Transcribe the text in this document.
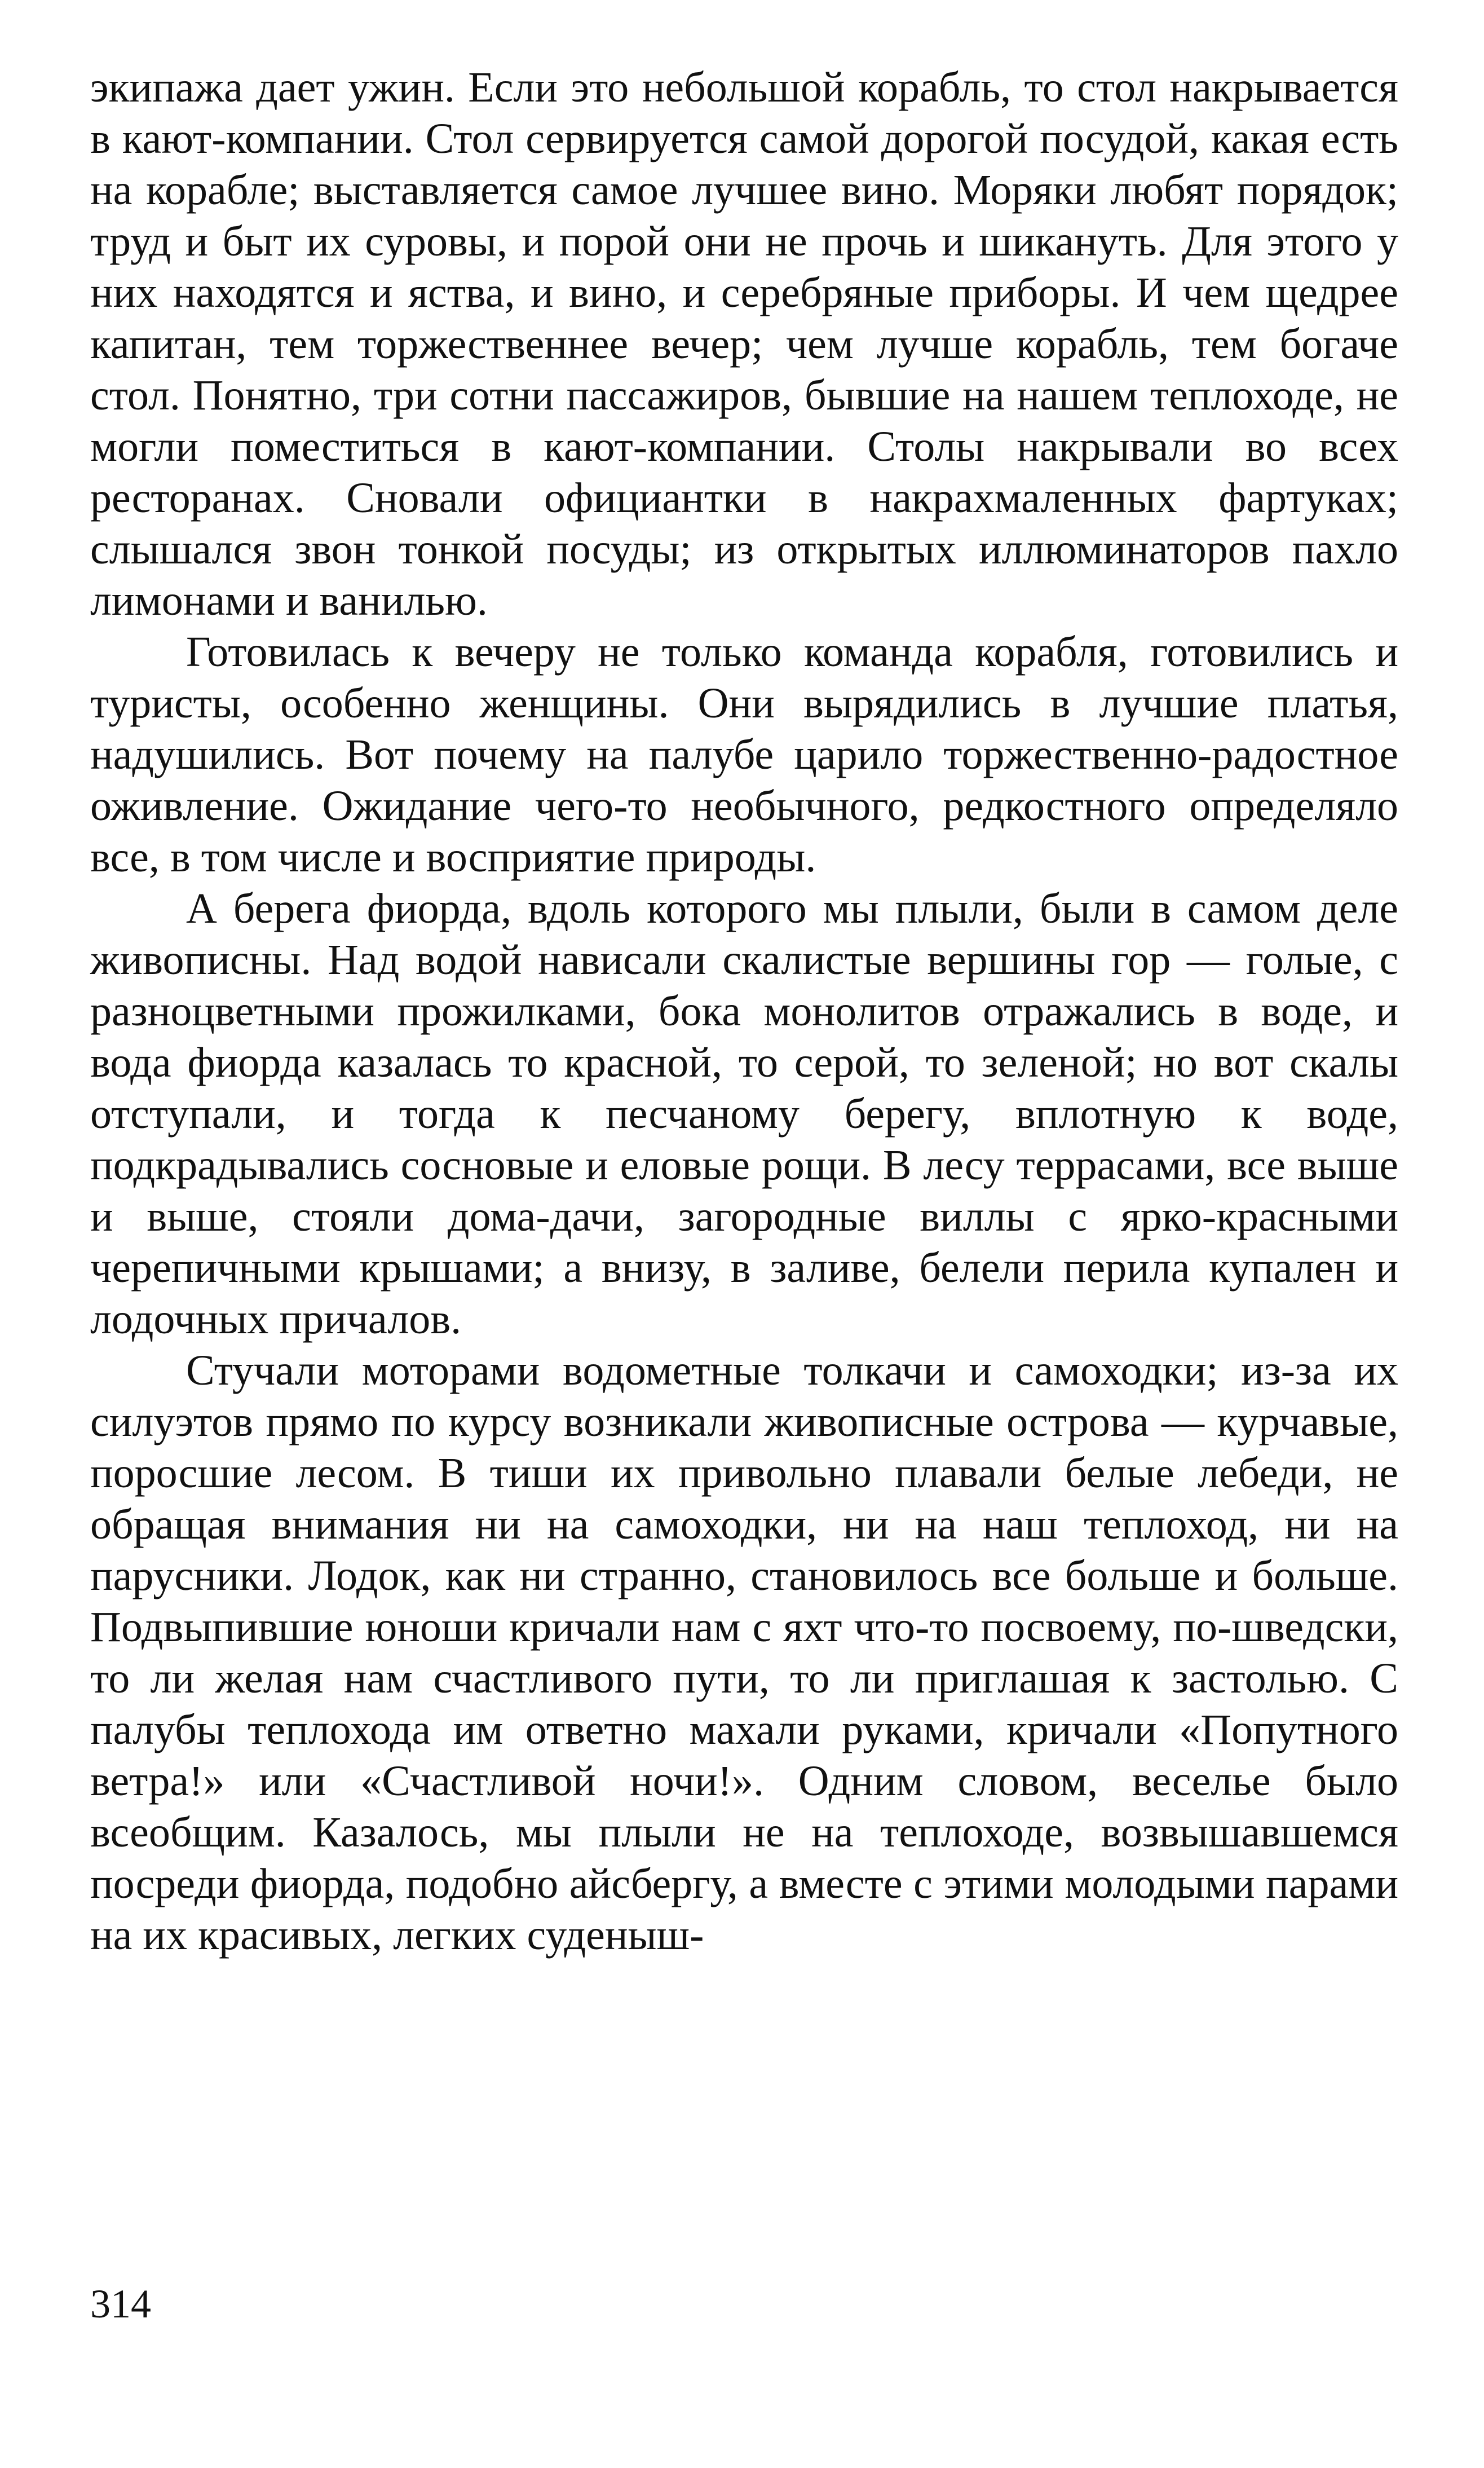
экипажа дает ужин. Если это небольшой корабль, то стол накрывается в кают-компании. Стол сервируется самой дорогой посудой, какая есть на корабле; выставляется самое лучшее вино. Моряки любят порядок; труд и быт их суровы, и порой они не прочь и шикануть. Для этого у них находятся и яства, и вино, и серебряные приборы. И чем щедрее капитан, тем торжественнее вечер; чем лучше корабль, тем богаче стол. Понятно, три сотни пассажиров, бывшие на нашем теплоходе, не могли поместиться в кают-компании. Столы накрывали во всех ресторанах. Сновали официантки в накрахмаленных фартуках; слышался звон тонкой посуды; из открытых иллюминаторов пахло лимонами и ванилью.

Готовилась к вечеру не только команда корабля, готовились и туристы, особенно женщины. Они вырядились в лучшие платья, надушились. Вот почему на палубе царило торжественно-радостное оживление. Ожидание чего-то необычного, редкостного определяло все, в том числе и восприятие природы.

А берега фиорда, вдоль которого мы плыли, были в самом деле живописны. Над водой нависали скалистые вершины гор — голые, с разноцветными прожилками, бока монолитов отражались в воде, и вода фиорда казалась то красной, то серой, то зеленой; но вот скалы отступали, и тогда к песчаному берегу, вплотную к воде, подкрадывались сосновые и еловые рощи. В лесу террасами, все выше и выше, стояли дома-дачи, загородные виллы с ярко-красными черепичными крышами; а внизу, в заливе, белели перила купален и лодочных причалов.

Стучали моторами водометные толкачи и самоходки; из-за их силуэтов прямо по курсу возникали живописные острова — курчавые, поросшие лесом. В тиши их привольно плавали белые лебеди, не обращая внимания ни на самоходки, ни на наш теплоход, ни на парусники. Лодок, как ни странно, становилось все больше и больше. Подвыпившие юноши кричали нам с яхт что-то посвоему, по-шведски, то ли желая нам счастливого пути, то ли приглашая к застолью. С палубы теплохода им ответно махали руками, кричали «Попутного ветра!» или «Счастливой ночи!». Одним словом, веселье было всеобщим. Казалось, мы плыли не на теплоходе, возвышавшемся посреди фиорда, подобно айсбергу, а вместе с этими молодыми парами на их красивых, легких суденыш-

314
